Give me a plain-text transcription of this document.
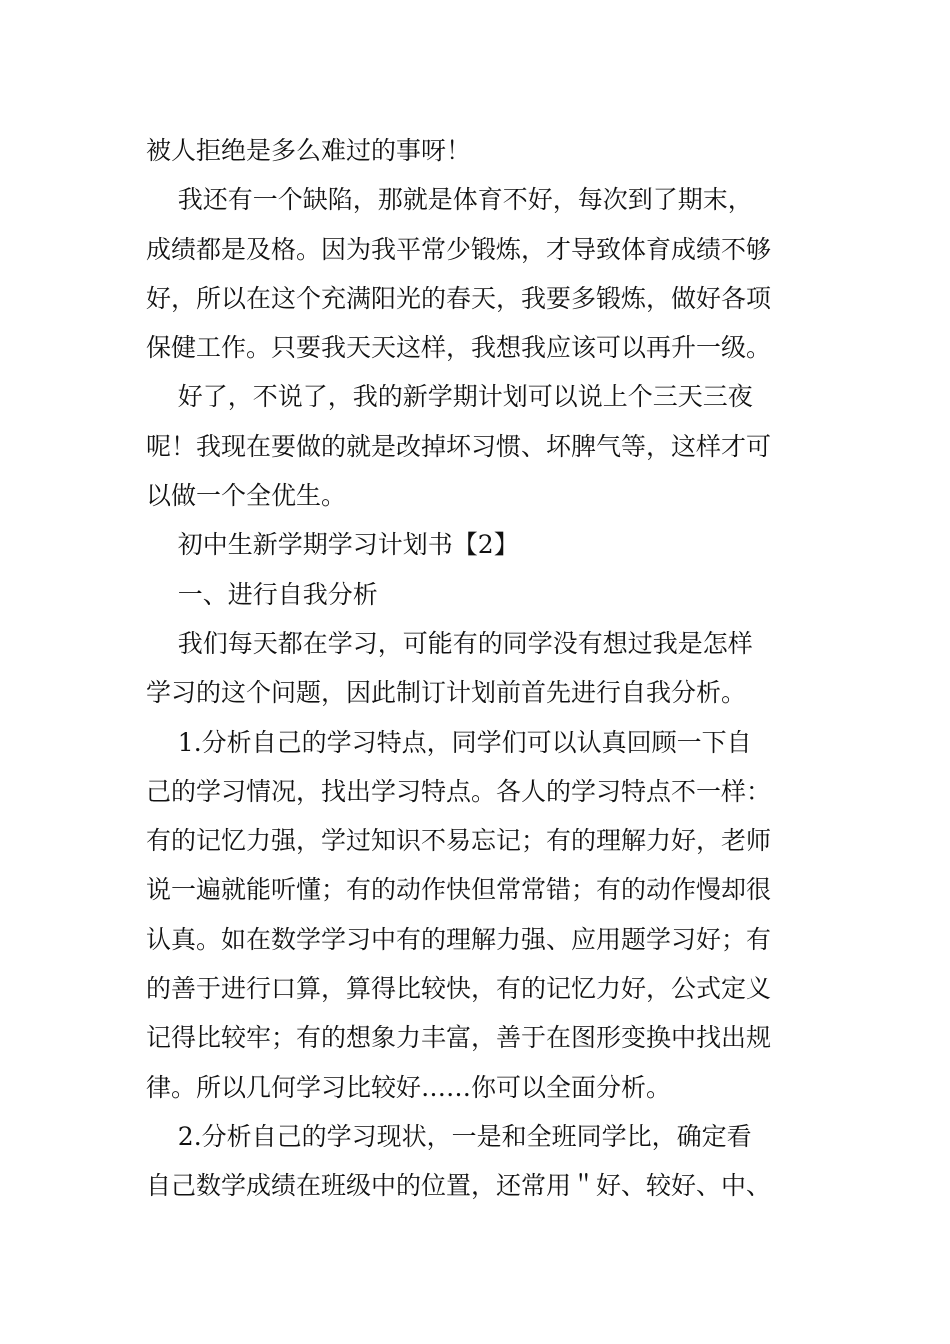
被人拒绝是多么难过的事呀！

我还有一个缺陷，那就是体育不好，每次到了期末，

成绩都是及格。因为我平常少锻炼，才导致体育成绩不够

好，所以在这个充满阳光的春天，我要多锻炼，做好各项

保健工作。只要我天天这样，我想我应该可以再升一级。

好了，不说了，我的新学期计划可以说上个三天三夜

呢！我现在要做的就是改掉坏习惯、坏脾气等，这样才可

以做一个全优生。

初中生新学期学习计划书【2】

一、进行自我分析

我们每天都在学习，可能有的同学没有想过我是怎样

学习的这个问题，因此制订计划前首先进行自我分析。

1.分析自己的学习特点，同学们可以认真回顾一下自

己的学习情况，找出学习特点。各人的学习特点不一样：

有的记忆力强，学过知识不易忘记；有的理解力好，老师

说一遍就能听懂；有的动作快但常常错；有的动作慢却很

认真。如在数学学习中有的理解力强、应用题学习好；有

的善于进行口算，算得比较快，有的记忆力好，公式定义

记得比较牢；有的想象力丰富，善于在图形变换中找出规

律。所以几何学习比较好……你可以全面分析。

2.分析自己的学习现状，一是和全班同学比，确定看

自己数学成绩在班级中的位置，还常用＂好、较好、中、
